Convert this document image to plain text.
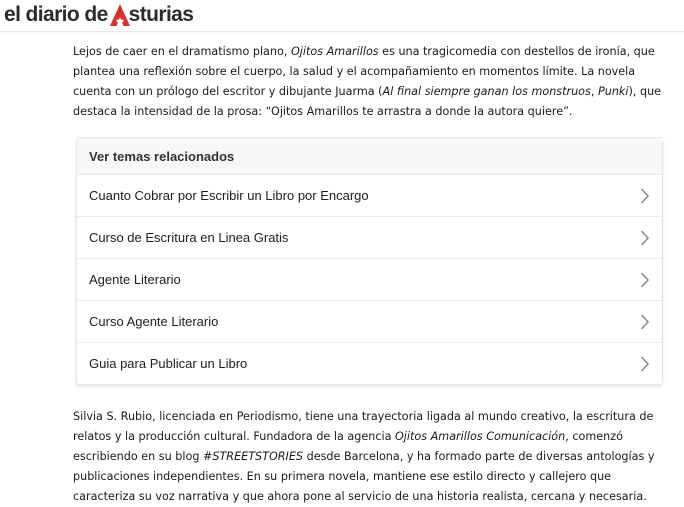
el diario de sturias

Lejos de caer en el dramatismo plano, Ojitos Amarillos es una tragicomedia con destellos de ironía, que plantea una reflexión sobre el cuerpo, la salud y el acompañamiento en momentos límite. La novela cuenta con un prólogo del escritor y dibujante Juarma (Al final siempre ganan los monstruos, Punki), que destaca la intensidad de la prosa: “Ojitos Amarillos te arrastra a donde la autora quiere”.

Ver temas relacionados
Cuanto Cobrar por Escribir un Libro por Encargo
Curso de Escritura en Linea Gratis
Agente Literario
Curso Agente Literario
Guia para Publicar un Libro

Silvia S. Rubio, licenciada en Periodismo, tiene una trayectoria ligada al mundo creativo, la escritura de relatos y la producción cultural. Fundadora de la agencia Ojitos Amarillos Comunicación, comenzó escribiendo en su blog #STREETSTORIES desde Barcelona, y ha formado parte de diversas antologías y publicaciones independientes. En su primera novela, mantiene ese estilo directo y callejero que caracteriza su voz narrativa y que ahora pone al servicio de una historia realista, cercana y necesaria.
